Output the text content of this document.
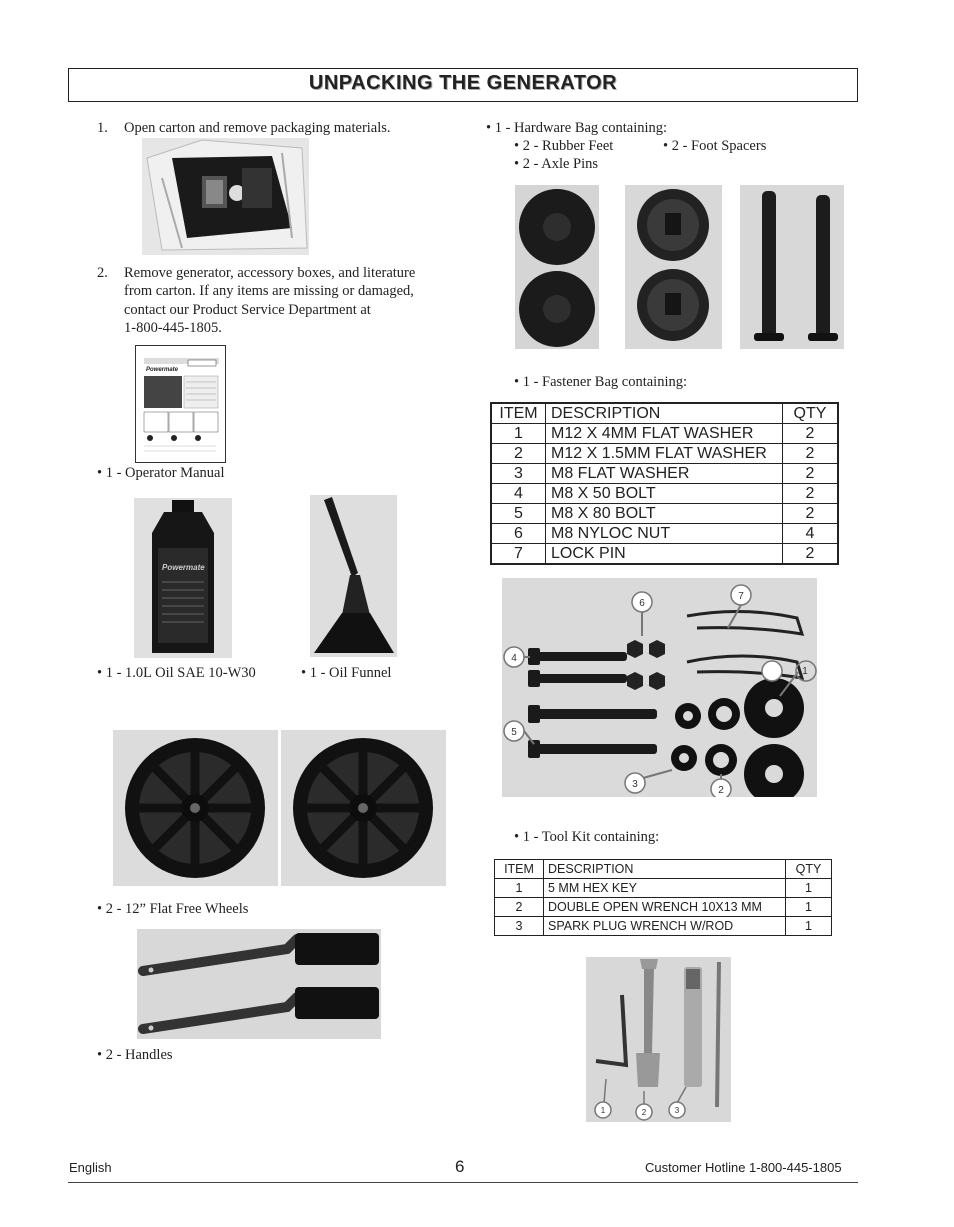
UNPACKING THE GENERATOR
1. Open carton and remove packaging materials.
2. Remove generator, accessory boxes, and literature
from carton. If any items are missing or damaged,
contact our Product Service Department at
1-800-445-1805.
Powermate
• 1 - Operator Manual
Powermate
• 1 - 1.0L Oil SAE 10-W30	• 1 - Oil Funnel
• 2 - 12” Flat Free Wheels
• 2 - Handles
• 1 - Hardware Bag containing:
• 2 - Rubber Feet	• 2 - Foot Spacers
• 2 - Axle Pins
• 1 - Fastener Bag containing:
ITEM	DESCRIPTION	QTY
1	M12 X 4MM FLAT WASHER	2
2	M12 X 1.5MM FLAT WASHER	2
3	M8 FLAT WASHER	2
4	M8 X 50 BOLT	2
5	M8 X 80 BOLT	2
6	M8 NYLOC NUT	4
7	LOCK PIN	2
1
2
3
4
5
6
7
• 1 - Tool Kit containing:
ITEM	DESCRIPTION	QTY
1	5 MM HEX KEY	1
2	DOUBLE OPEN WRENCH 10X13 MM	1
3	SPARK PLUG WRENCH W/ROD	1
1	2	3
English	6	Customer Hotline 1-800-445-1805
